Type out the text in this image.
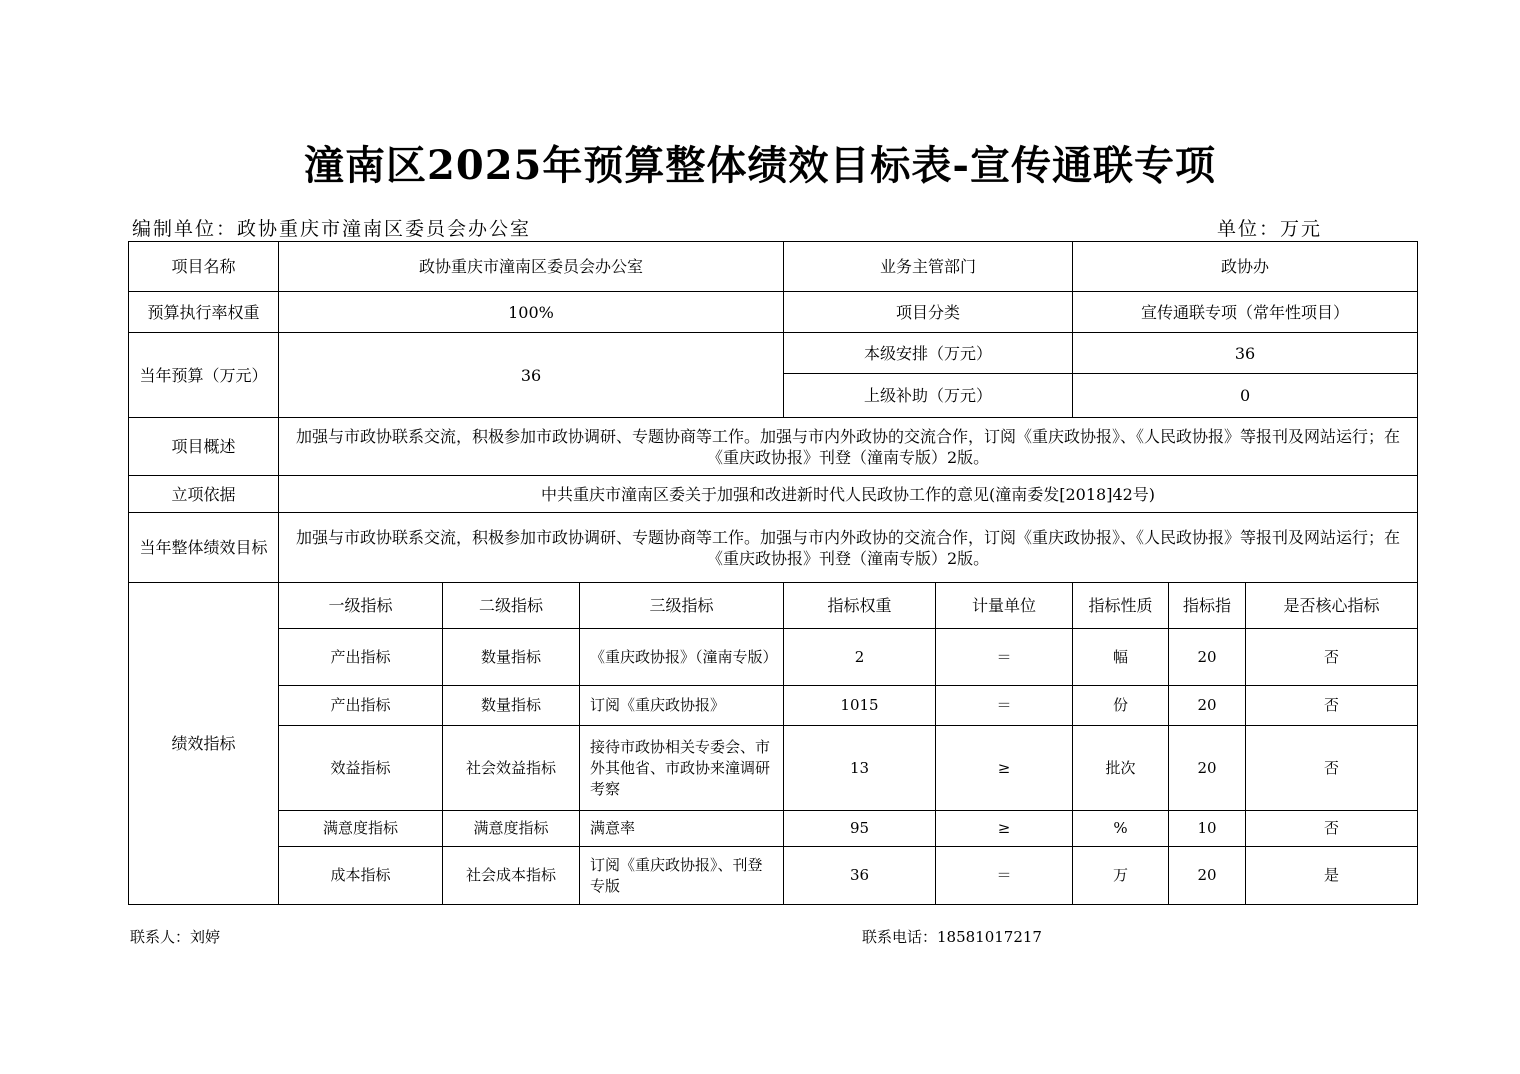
潼南区2025年预算整体绩效目标表-宣传通联专项
编制单位：政协重庆市潼南区委员会办公室	单位：万元
项目名称	政协重庆市潼南区委员会办公室			业务主管部门		政协办		
预算执行率权重	100%			项目分类		宣传通联专项（常年性项目）		
当年预算（万元）	36			本级安排（万元）		36		
				上级补助（万元）		0		
项目概述	加强与市政协联系交流，积极参加市政协调研、专题协商等工作。加强与市内外政协的交流合作，订阅《重庆政协报》、《人民政协报》等报刊及网站运行；在《重庆政协报》刊登（潼南专版）2版。							
立项依据	中共重庆市潼南区委关于加强和改进新时代人民政协工作的意见(潼南委发[2018]42号)							
当年整体绩效目标	加强与市政协联系交流，积极参加市政协调研、专题协商等工作。加强与市内外政协的交流合作，订阅《重庆政协报》、《人民政协报》等报刊及网站运行；在《重庆政协报》刊登（潼南专版）2版。							
绩效指标	一级指标	二级指标	三级指标	指标权重	计量单位	指标性质	指标指	是否核心指标
	产出指标	数量指标	《重庆政协报》（潼南专版）	2	＝	幅	20	否
	产出指标	数量指标	订阅《重庆政协报》	1015	＝	份	20	否
	效益指标	社会效益指标	接待市政协相关专委会、市外其他省、市政协来潼调研考察	13	≥	批次	20	否
	满意度指标	满意度指标	满意率	95	≥	%	10	否
	成本指标	社会成本指标	订阅《重庆政协报》、刊登专版	36	＝	万	20	是
联系人：刘婷	联系电话：18581017217
